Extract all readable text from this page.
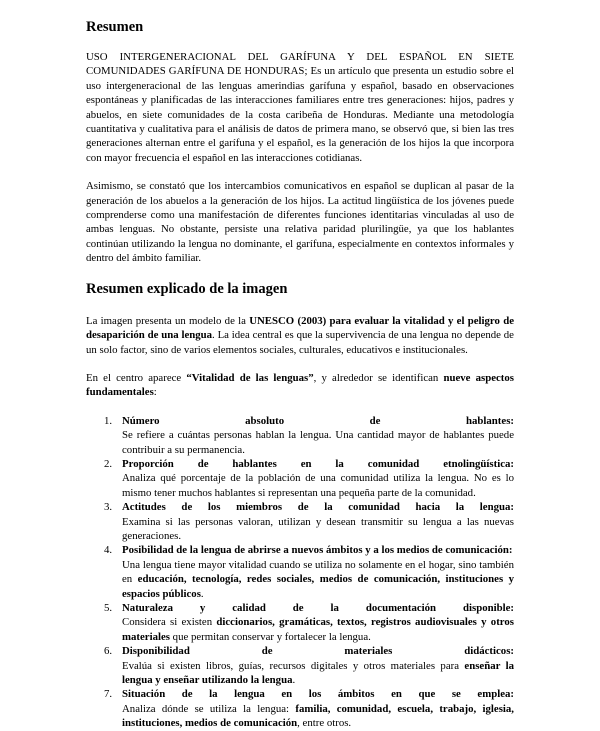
Resumen

USO INTERGENERACIONAL DEL GARÍFUNA Y DEL ESPAÑOL EN SIETE COMUNIDADES GARÍFUNA DE HONDURAS; Es un artículo que presenta un estudio sobre el uso intergeneracional de las lenguas amerindias garífuna y español, basado en observaciones espontáneas y planificadas de las interacciones familiares entre tres generaciones: hijos, padres y abuelos, en siete comunidades de la costa caribeña de Honduras. Mediante una metodología cuantitativa y cualitativa para el análisis de datos de primera mano, se observó que, si bien las tres generaciones alternan entre el garífuna y el español, es la generación de los hijos la que incorpora con mayor frecuencia el español en las interacciones cotidianas.

Asimismo, se constató que los intercambios comunicativos en español se duplican al pasar de la generación de los abuelos a la generación de los hijos. La actitud lingüística de los jóvenes puede comprenderse como una manifestación de diferentes funciones identitarias vinculadas al uso de ambas lenguas. No obstante, persiste una relativa paridad plurilingüe, ya que los hablantes continúan utilizando la lengua no dominante, el garífuna, especialmente en contextos informales y dentro del ámbito familiar.

Resumen explicado de la imagen

La imagen presenta un modelo de la UNESCO (2003) para evaluar la vitalidad y el peligro de desaparición de una lengua. La idea central es que la supervivencia de una lengua no depende de un solo factor, sino de varios elementos sociales, culturales, educativos e institucionales.

En el centro aparece “Vitalidad de las lenguas”, y alrededor se identifican nueve aspectos fundamentales:

1. Número absoluto de hablantes:
Se refiere a cuántas personas hablan la lengua. Una cantidad mayor de hablantes puede contribuir a su permanencia.
2. Proporción de hablantes en la comunidad etnolingüística:
Analiza qué porcentaje de la población de una comunidad utiliza la lengua. No es lo mismo tener muchos hablantes si representan una pequeña parte de la comunidad.
3. Actitudes de los miembros de la comunidad hacia la lengua:
Examina si las personas valoran, utilizan y desean transmitir su lengua a las nuevas generaciones.
4. Posibilidad de la lengua de abrirse a nuevos ámbitos y a los medios de comunicación:
Una lengua tiene mayor vitalidad cuando se utiliza no solamente en el hogar, sino también en educación, tecnología, redes sociales, medios de comunicación, instituciones y espacios públicos.
5. Naturaleza y calidad de la documentación disponible:
Considera si existen diccionarios, gramáticas, textos, registros audiovisuales y otros materiales que permitan conservar y fortalecer la lengua.
6. Disponibilidad de materiales didácticos:
Evalúa si existen libros, guías, recursos digitales y otros materiales para enseñar la lengua y enseñar utilizando la lengua.
7. Situación de la lengua en los ámbitos en que se emplea:
Analiza dónde se utiliza la lengua: familia, comunidad, escuela, trabajo, iglesia, instituciones, medios de comunicación, entre otros.
